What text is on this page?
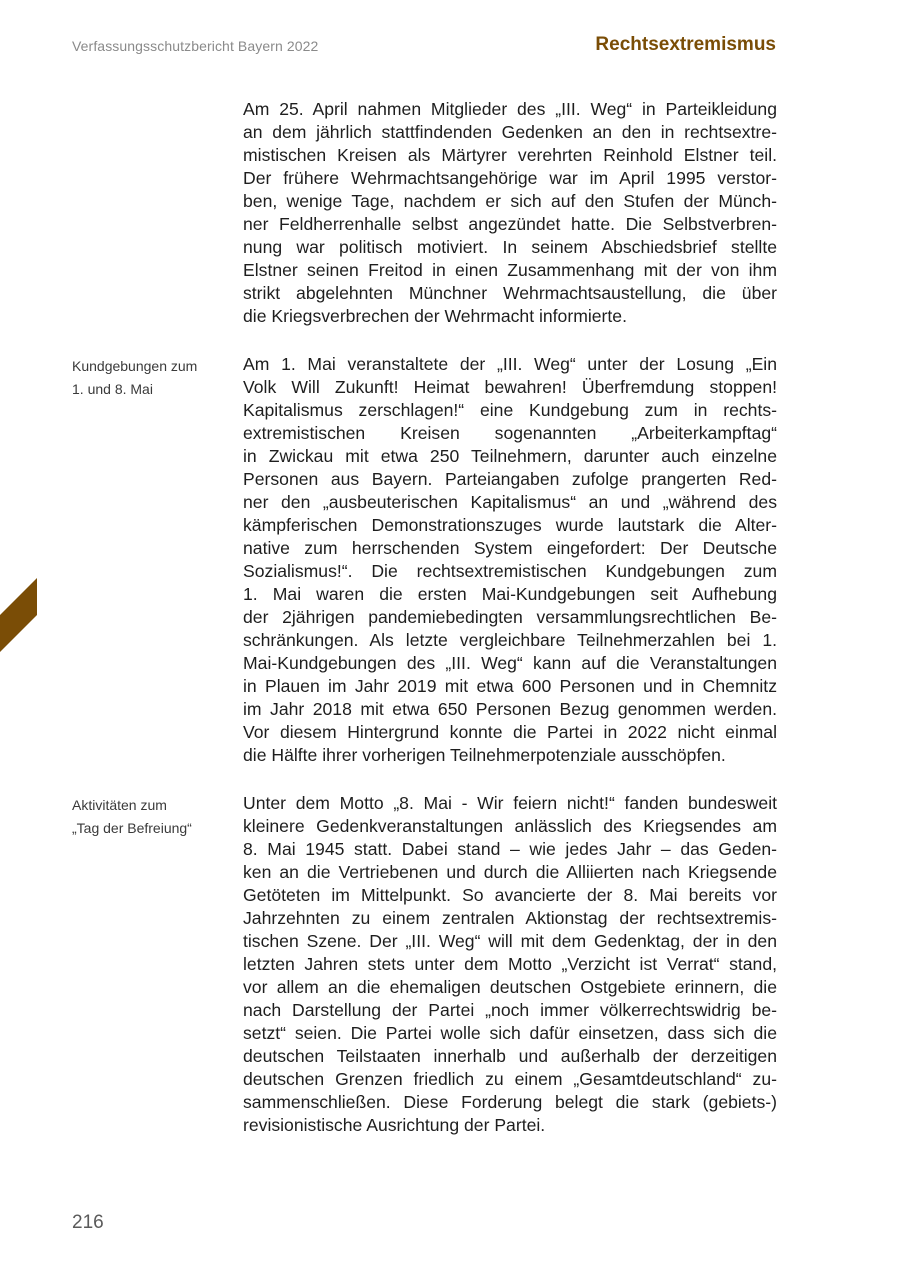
Verfassungsschutzbericht Bayern 2022	Rechtsextremismus
Am 25. April nahmen Mitglieder des „III. Weg“ in Parteikleidung
an dem jährlich stattfindenden Gedenken an den in rechtsextre-
mistischen Kreisen als Märtyrer verehrten Reinhold Elstner teil.
Der frühere Wehrmachtsangehörige war im April 1995 verstor-
ben, wenige Tage, nachdem er sich auf den Stufen der Münch-
ner Feldherrenhalle selbst angezündet hatte. Die Selbstverbren-
nung war politisch motiviert. In seinem Abschiedsbrief stellte
Elstner seinen Freitod in einen Zusammenhang mit der von ihm
strikt abgelehnten Münchner Wehrmachtsaustellung, die über
die Kriegsverbrechen der Wehrmacht informierte.
Kundgebungen zum
1. und 8. Mai
Am 1. Mai veranstaltete der „III. Weg“ unter der Losung „Ein
Volk Will Zukunft! Heimat bewahren! Überfremdung stoppen!
Kapitalismus zerschlagen!“ eine Kundgebung zum in rechts-
extremistischen Kreisen sogenannten „Arbeiterkampftag“
in Zwickau mit etwa 250 Teilnehmern, darunter auch einzelne
Personen aus Bayern. Parteiangaben zufolge prangerten Red-
ner den „ausbeuterischen Kapitalismus“ an und „während des
kämpferischen Demonstrationszuges wurde lautstark die Alter-
native zum herrschenden System eingefordert: Der Deutsche
Sozialismus!“. Die rechtsextremistischen Kundgebungen zum
1. Mai waren die ersten Mai-Kundgebungen seit Aufhebung
der 2jährigen pandemiebedingten versammlungsrechtlichen Be-
schränkungen. Als letzte vergleichbare Teilnehmerzahlen bei 1.
Mai-Kundgebungen des „III. Weg“ kann auf die Veranstaltungen
in Plauen im Jahr 2019 mit etwa 600 Personen und in Chemnitz
im Jahr 2018 mit etwa 650 Personen Bezug genommen werden.
Vor diesem Hintergrund konnte die Partei in 2022 nicht einmal
die Hälfte ihrer vorherigen Teilnehmerpotenziale ausschöpfen.
Aktivitäten zum
„Tag der Befreiung“
Unter dem Motto „8. Mai - Wir feiern nicht!“ fanden bundesweit
kleinere Gedenkveranstaltungen anlässlich des Kriegsendes am
8. Mai 1945 statt. Dabei stand – wie jedes Jahr – das Geden-
ken an die Vertriebenen und durch die Alliierten nach Kriegsende
Getöteten im Mittelpunkt. So avancierte der 8. Mai bereits vor
Jahrzehnten zu einem zentralen Aktionstag der rechtsextremis-
tischen Szene. Der „III. Weg“ will mit dem Gedenktag, der in den
letzten Jahren stets unter dem Motto „Verzicht ist Verrat“ stand,
vor allem an die ehemaligen deutschen Ostgebiete erinnern, die
nach Darstellung der Partei „noch immer völkerrechtswidrig be-
setzt“ seien. Die Partei wolle sich dafür einsetzen, dass sich die
deutschen Teilstaaten innerhalb und außerhalb der derzeitigen
deutschen Grenzen friedlich zu einem „Gesamtdeutschland“ zu-
sammenschließen. Diese Forderung belegt die stark (gebiets-)
revisionistische Ausrichtung der Partei.
216
